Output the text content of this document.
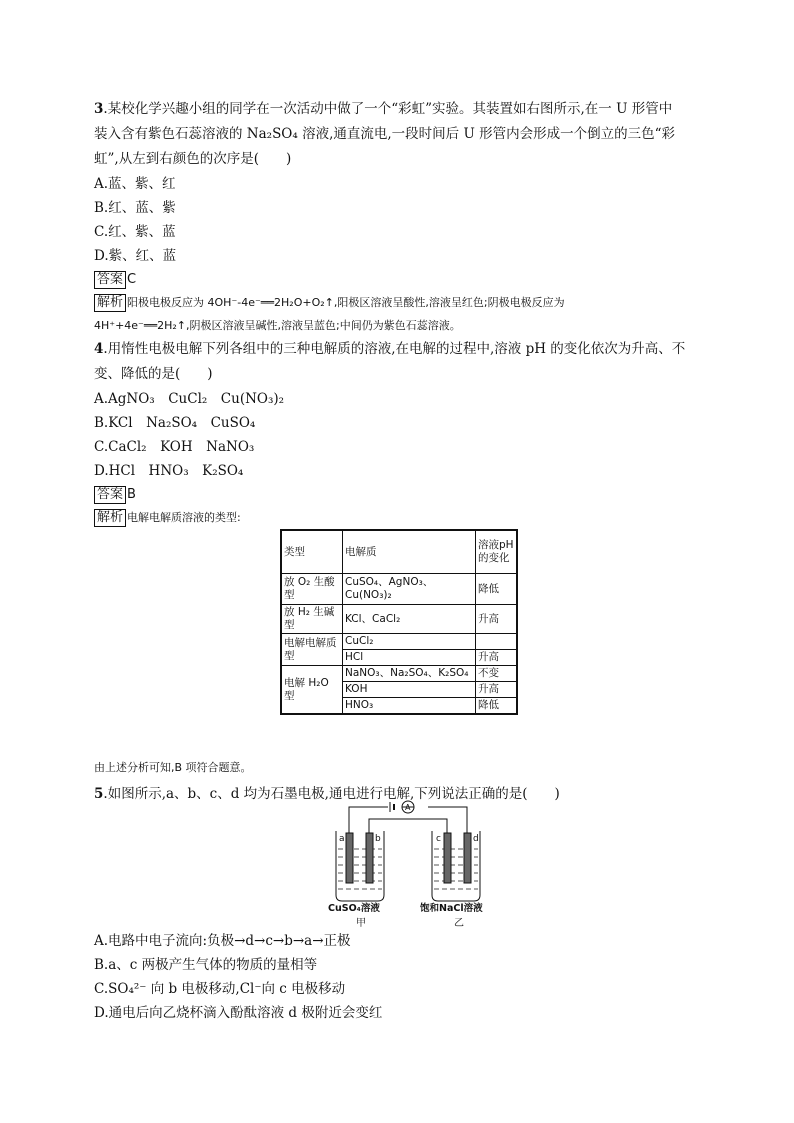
3.某校化学兴趣小组的同学在一次活动中做了一个“彩虹”实验。其装置如右图所示,在一 U 形管中
装入含有紫色石蕊溶液的 Na₂SO₄ 溶液,通直流电,一段时间后 U 形管内会形成一个倒立的三色“彩
虹”,从左到右颜色的次序是(　　)
A.蓝、紫、红
B.红、蓝、紫
C.红、紫、蓝
D.紫、红、蓝
答案 C
解析 阳极电极反应为 4OH⁻-4e⁻══2H₂O+O₂↑,阳极区溶液呈酸性,溶液呈红色;阴极电极反应为
4H⁺+4e⁻══2H₂↑,阴极区溶液呈碱性,溶液呈蓝色;中间仍为紫色石蕊溶液。
4.用惰性电极电解下列各组中的三种电解质的溶液,在电解的过程中,溶液 pH 的变化依次为升高、不
变、降低的是(　　)
A.AgNO₃　CuCl₂　Cu(NO₃)₂
B.KCl　Na₂SO₄　CuSO₄
C.CaCl₂　KOH　NaNO₃
D.HCl　HNO₃　K₂SO₄
答案 B
解析 电解电解质溶液的类型:
类型	电解质	溶液pH的变化
放 O₂ 生酸型	CuSO₄、AgNO₃、Cu(NO₃)₂	降低
放 H₂ 生碱型	KCl、CaCl₂	升高
电解电解质型	CuCl₂	
	HCl	升高
电解 H₂O 型	NaNO₃、Na₂SO₄、K₂SO₄	不变
	KOH	升高
	HNO₃	降低
由上述分析可知,B 项符合题意。
5.如图所示,a、b、c、d 均为石墨电极,通电进行电解,下列说法正确的是(　　)
a	b	c	d
A
CuSO₄溶液	饱和NaCl溶液
甲	乙
A.电路中电子流向:负极→d→c→b→a→正极
B.a、c 两极产生气体的物质的量相等
C.SO₄²⁻ 向 b 电极移动,Cl⁻向 c 电极移动
D.通电后向乙烧杯滴入酚酞溶液 d 极附近会变红
